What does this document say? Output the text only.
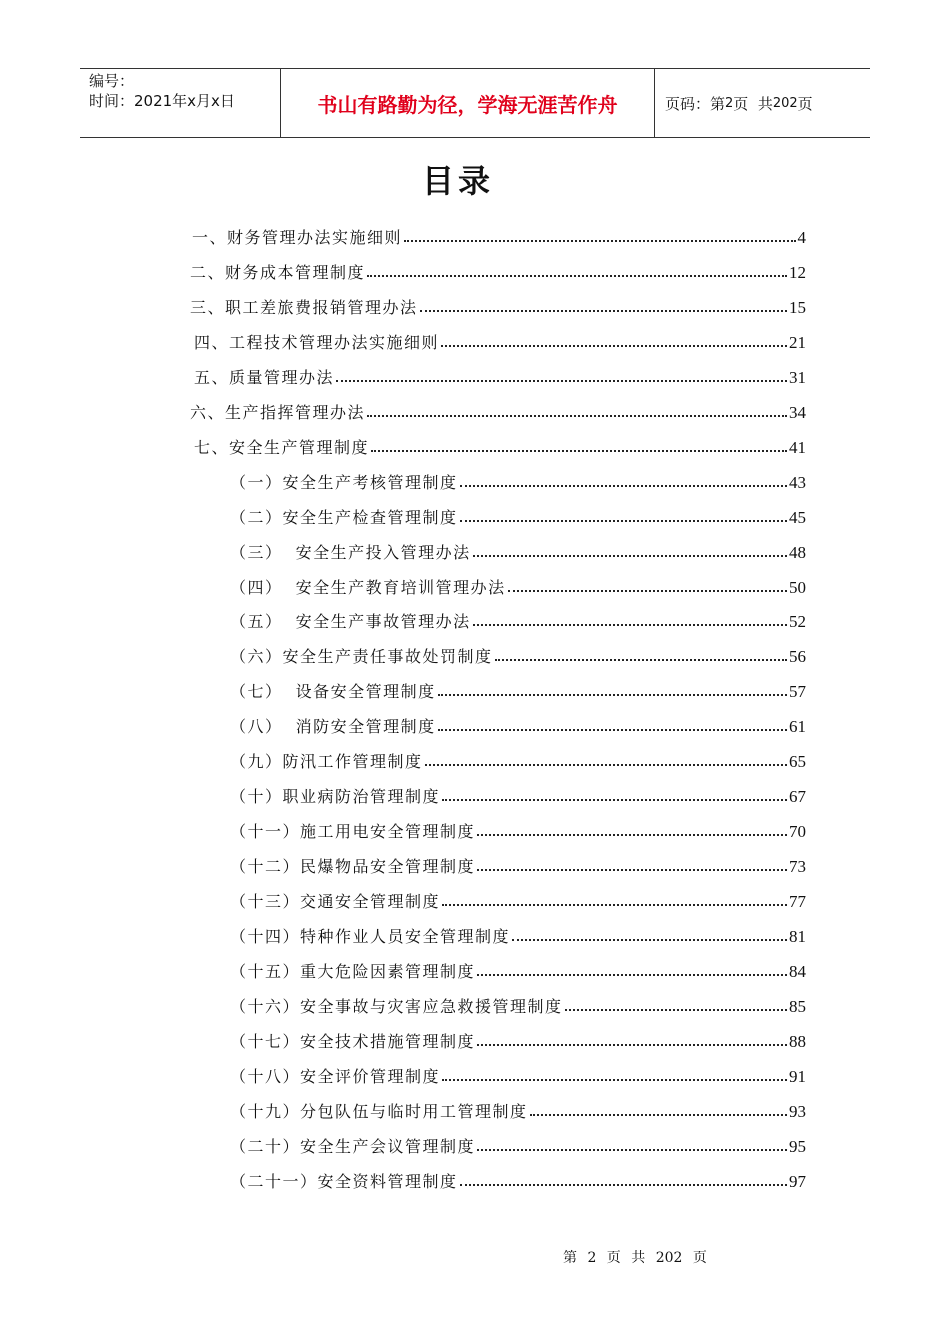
编号：
时间：2021年x月x日	书山有路勤为径，学海无涯苦作舟	页码：第 2 页  共 202 页
目录
一、财务管理办法实施细则	4
二、财务成本管理制度	12
三、职工差旅费报销管理办法	15
四、工程技术管理办法实施细则	21
五、质量管理办法	31
六、生产指挥管理办法	34
七、安全生产管理制度	41
（一）安全生产考核管理制度	43
（二）安全生产检查管理制度	45
（三）  安全生产投入管理办法	48
（四）  安全生产教育培训管理办法	50
（五）  安全生产事故管理办法	52
（六）安全生产责任事故处罚制度	56
（七）  设备安全管理制度	57
（八）  消防安全管理制度	61
（九）防汛工作管理制度	65
（十）职业病防治管理制度	67
（十一）施工用电安全管理制度	70
（十二）民爆物品安全管理制度	73
（十三）交通安全管理制度	77
（十四）特种作业人员安全管理制度	81
（十五）重大危险因素管理制度	84
（十六）安全事故与灾害应急救援管理制度	85
（十七）安全技术措施管理制度	88
（十八）安全评价管理制度	91
（十九）分包队伍与临时用工管理制度	93
（二十）安全生产会议管理制度	95
（二十一）安全资料管理制度	97
第 2 页 共 202 页
